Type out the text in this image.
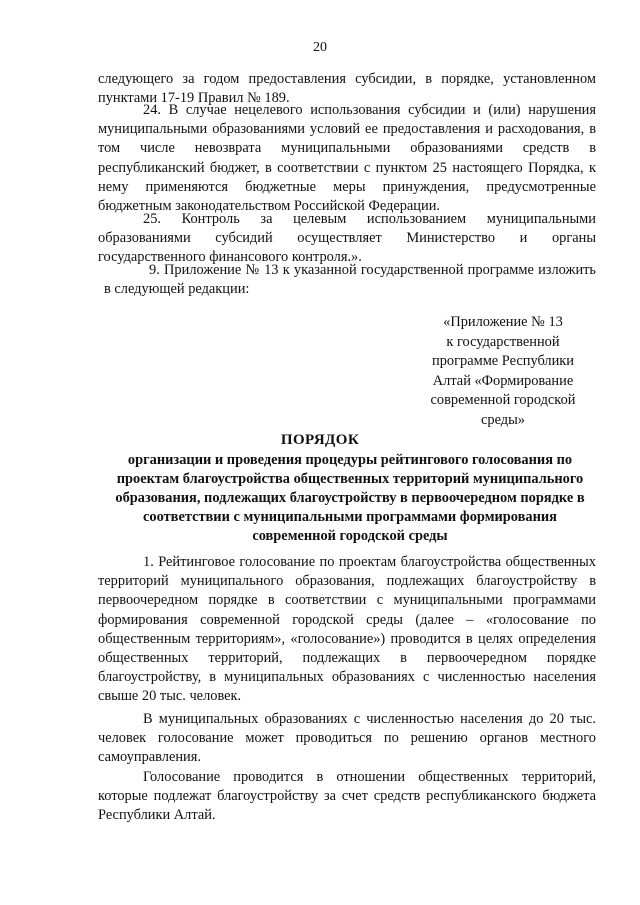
20

следующего за годом предоставления субсидии, в порядке, установленном пунктами 17-19 Правил № 189.

24. В случае нецелевого использования субсидии и (или) нарушения муниципальными образованиями условий ее предоставления и расходования, в том числе невозврата муниципальными образованиями средств в республиканский бюджет, в соответствии с пунктом 25 настоящего Порядка, к нему применяются бюджетные меры принуждения, предусмотренные бюджетным законодательством Российской Федерации.

25. Контроль за целевым использованием муниципальными образованиями субсидий осуществляет Министерство и органы государственного финансового контроля.».

9. Приложение № 13 к указанной государственной программе изложить в следующей редакции:

«Приложение № 13
к государственной
программе Республики
Алтай «Формирование
современной городской
среды»
ПОРЯДОК
организации и проведения процедуры рейтингового голосования по проектам благоустройства общественных территорий муниципального образования, подлежащих благоустройству в первоочередном порядке в соответствии с муниципальными программами формирования современной городской среды

1. Рейтинговое голосование по проектам благоустройства общественных территорий муниципального образования, подлежащих благоустройству в первоочередном порядке в соответствии с муниципальными программами формирования современной городской среды (далее – «голосование по общественным территориям», «голосование») проводится в целях определения общественных территорий, подлежащих в первоочередном порядке благоустройству, в муниципальных образованиях с численностью населения свыше 20 тыс. человек.

В муниципальных образованиях с численностью населения до 20 тыс. человек голосование может проводиться по решению органов местного самоуправления.

Голосование проводится в отношении общественных территорий, которые подлежат благоустройству за счет средств республиканского бюджета Республики Алтай.
